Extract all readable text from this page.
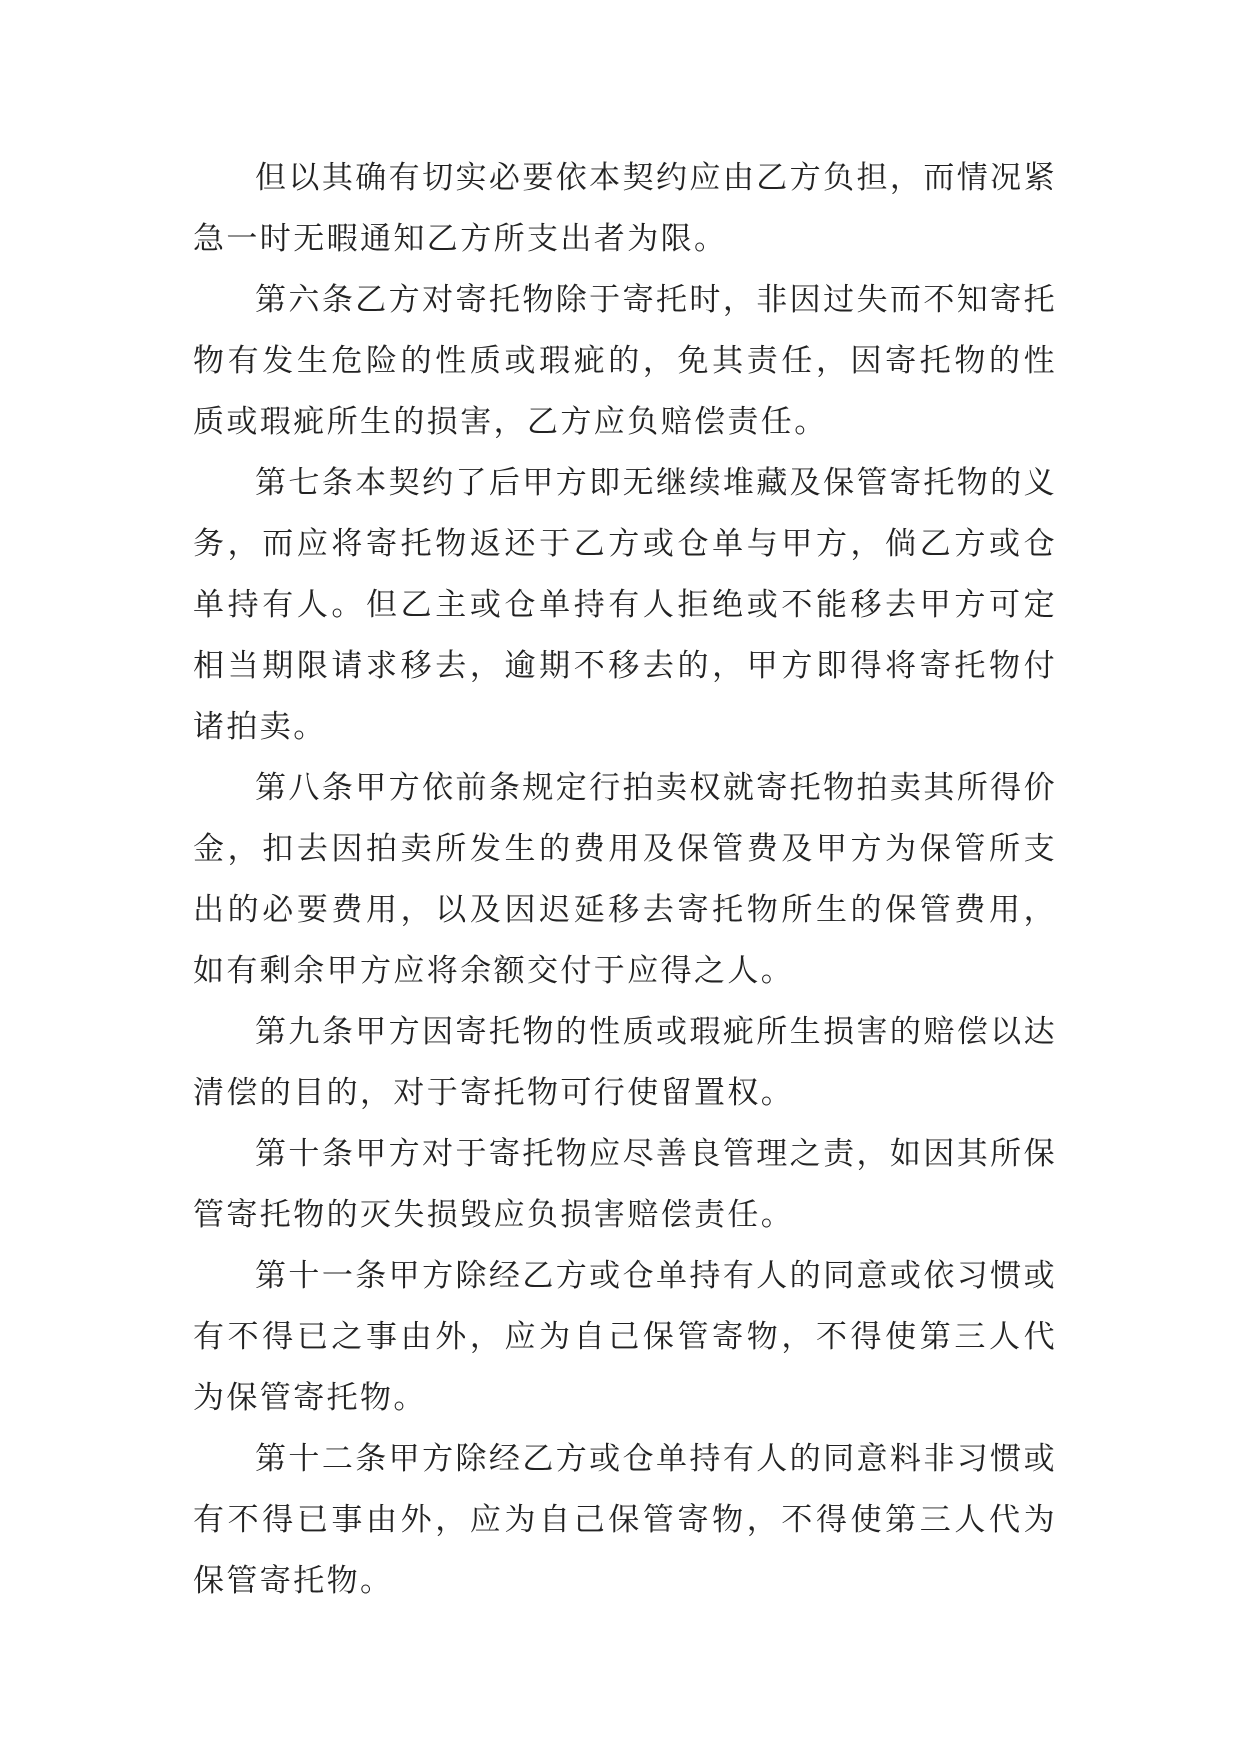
但以其确有切实必要依本契约应由乙方负担，而情况紧急一时无暇通知乙方所支出者为限。

第六条乙方对寄托物除于寄托时，非因过失而不知寄托物有发生危险的性质或瑕疵的，免其责任，因寄托物的性质或瑕疵所生的损害，乙方应负赔偿责任。

第七条本契约了后甲方即无继续堆藏及保管寄托物的义务，而应将寄托物返还于乙方或仓单与甲方，倘乙方或仓单持有人。但乙主或仓单持有人拒绝或不能移去甲方可定相当期限请求移去，逾期不移去的，甲方即得将寄托物付诸拍卖。

第八条甲方依前条规定行拍卖权就寄托物拍卖其所得价金，扣去因拍卖所发生的费用及保管费及甲方为保管所支出的必要费用，以及因迟延移去寄托物所生的保管费用，如有剩余甲方应将余额交付于应得之人。

第九条甲方因寄托物的性质或瑕疵所生损害的赔偿以达清偿的目的，对于寄托物可行使留置权。

第十条甲方对于寄托物应尽善良管理之责，如因其所保管寄托物的灭失损毁应负损害赔偿责任。

第十一条甲方除经乙方或仓单持有人的同意或依习惯或有不得已之事由外，应为自己保管寄物，不得使第三人代为保管寄托物。

第十二条甲方除经乙方或仓单持有人的同意料非习惯或有不得已事由外，应为自己保管寄物，不得使第三人代为保管寄托物。
